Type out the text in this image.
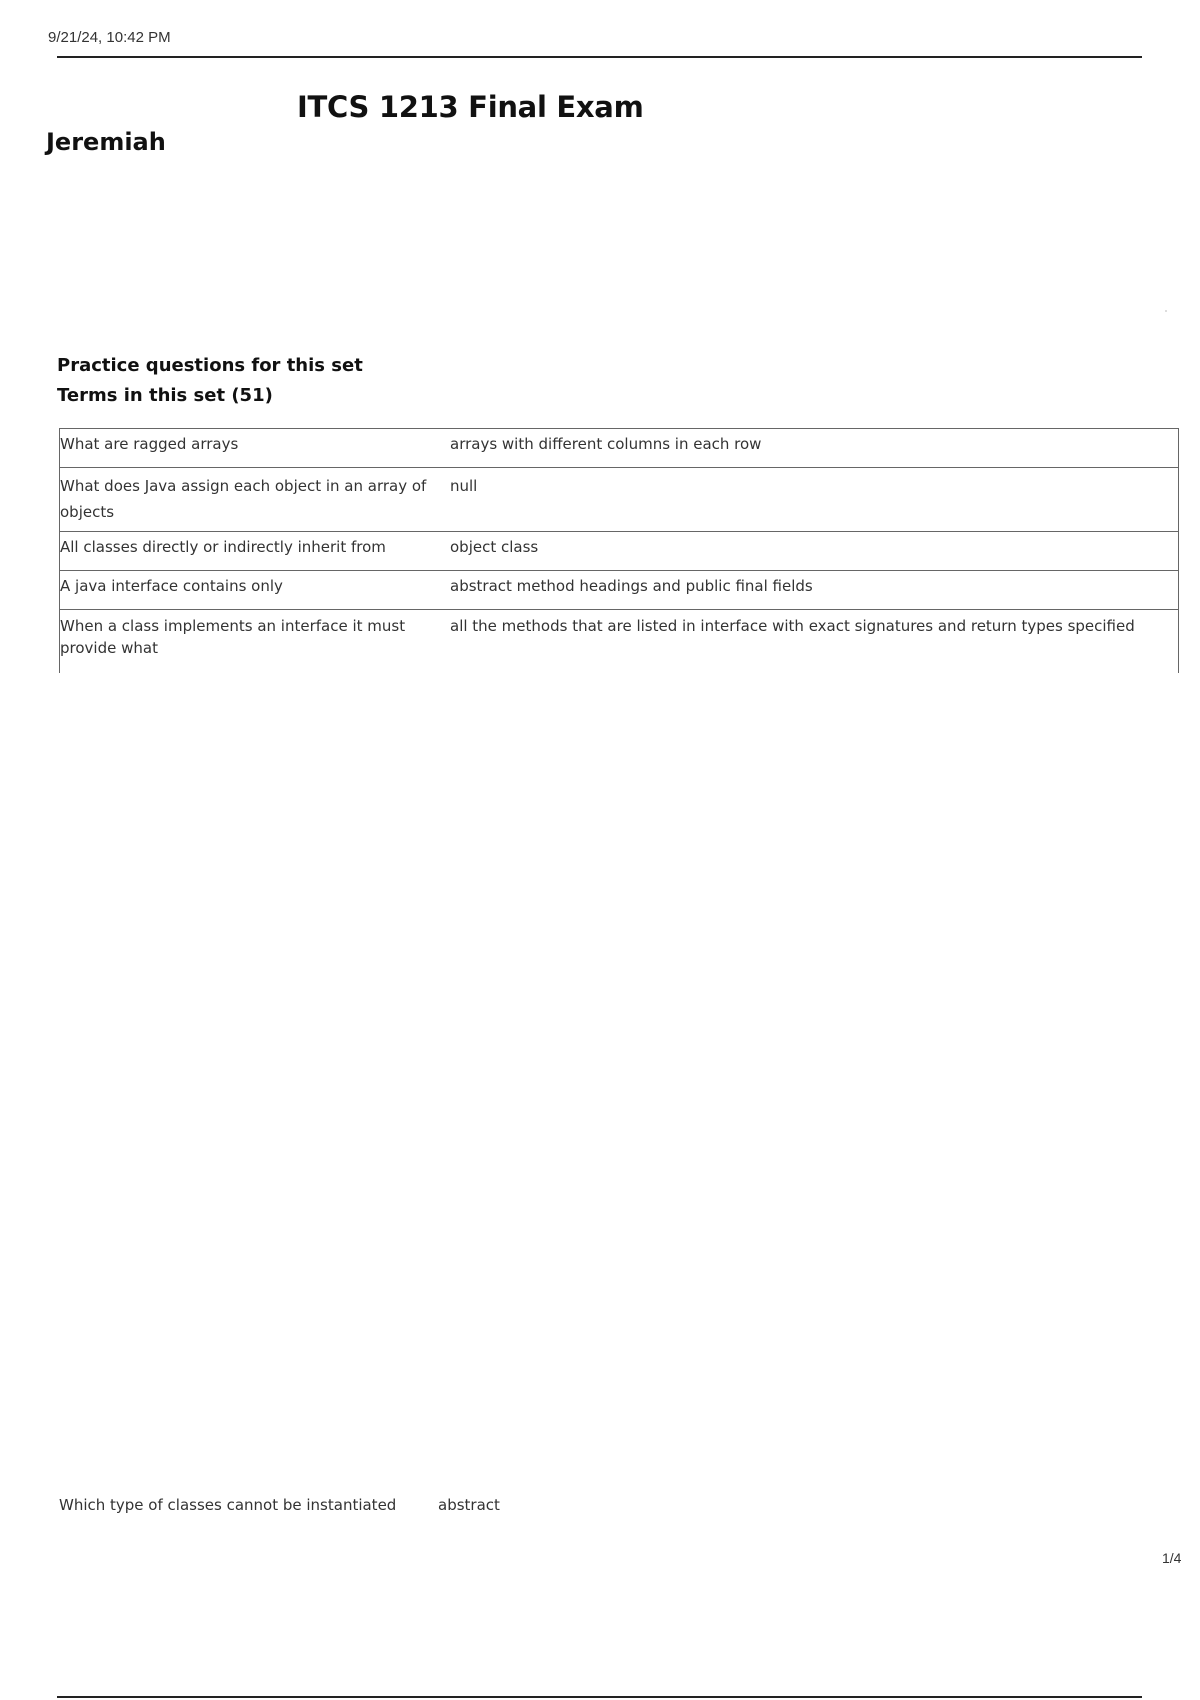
9/21/24, 10:42 PM
ITCS 1213 Final Exam
Jeremiah
Practice questions for this set
Terms in this set (51)
What are ragged arrays	arrays with different columns in each row
What does Java assign each object in an array of objects	null
All classes directly or indirectly inherit from	object class
A java interface contains only	abstract method headings and public final fields
When a class implements an interface it must provide what	all the methods that are listed in interface with exact signatures and return types specified
Which type of classes cannot be instantiated	abstract
1/4
